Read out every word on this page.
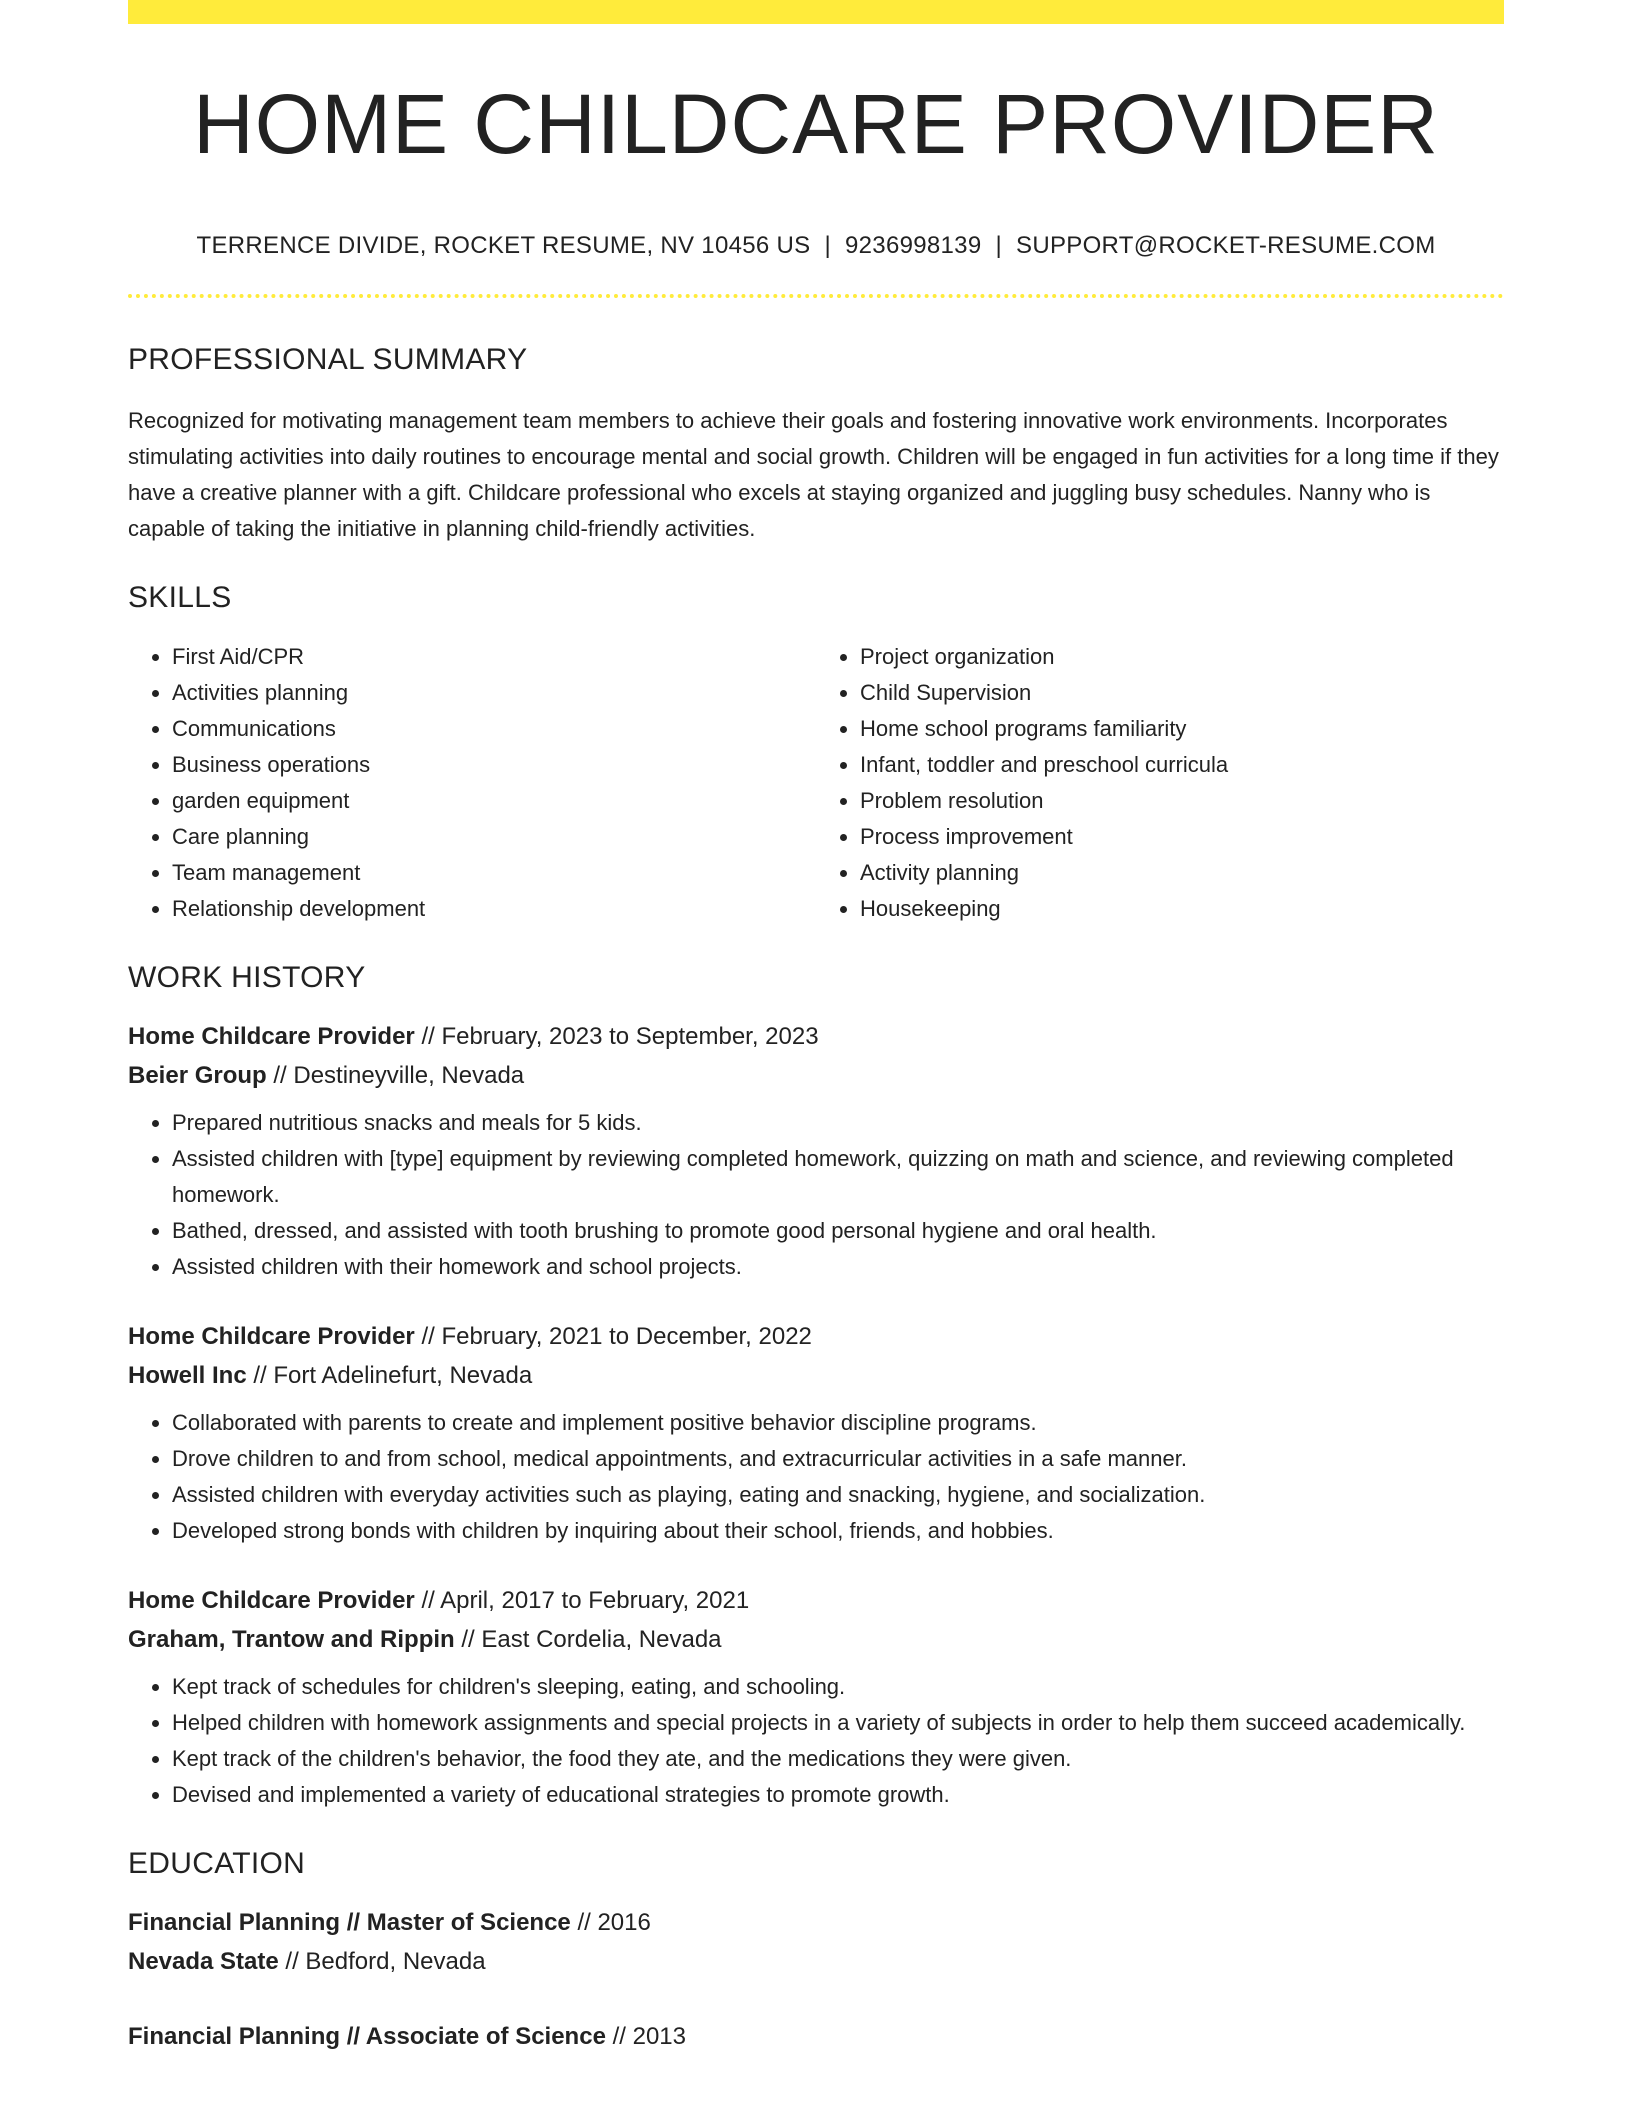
HOME CHILDCARE PROVIDER
TERRENCE DIVIDE, ROCKET RESUME, NV 10456 US | 9236998139 | SUPPORT@ROCKET-RESUME.COM
PROFESSIONAL SUMMARY

Recognized for motivating management team members to achieve their goals and fostering innovative work environments. Incorporates stimulating activities into daily routines to encourage mental and social growth. Children will be engaged in fun activities for a long time if they have a creative planner with a gift. Childcare professional who excels at staying organized and juggling busy schedules. Nanny who is capable of taking the initiative in planning child-friendly activities.

SKILLS
• First Aid/CPR
• Activities planning
• Communications
• Business operations
• garden equipment
• Care planning
• Team management
• Relationship development
• Project organization
• Child Supervision
• Home school programs familiarity
• Infant, toddler and preschool curricula
• Problem resolution
• Process improvement
• Activity planning
• Housekeeping
WORK HISTORY
Home Childcare Provider // February, 2023 to September, 2023
Beier Group // Destineyville, Nevada
• Prepared nutritious snacks and meals for 5 kids.
• Assisted children with [type] equipment by reviewing completed homework, quizzing on math and science, and reviewing completed homework.
• Bathed, dressed, and assisted with tooth brushing to promote good personal hygiene and oral health.
• Assisted children with their homework and school projects.
Home Childcare Provider // February, 2021 to December, 2022
Howell Inc // Fort Adelinefurt, Nevada
• Collaborated with parents to create and implement positive behavior discipline programs.
• Drove children to and from school, medical appointments, and extracurricular activities in a safe manner.
• Assisted children with everyday activities such as playing, eating and snacking, hygiene, and socialization.
• Developed strong bonds with children by inquiring about their school, friends, and hobbies.
Home Childcare Provider // April, 2017 to February, 2021
Graham, Trantow and Rippin // East Cordelia, Nevada
• Kept track of schedules for children's sleeping, eating, and schooling.
• Helped children with homework assignments and special projects in a variety of subjects in order to help them succeed academically.
• Kept track of the children's behavior, the food they ate, and the medications they were given.
• Devised and implemented a variety of educational strategies to promote growth.
EDUCATION
Financial Planning // Master of Science // 2016
Nevada State // Bedford, Nevada
Financial Planning // Associate of Science // 2013
